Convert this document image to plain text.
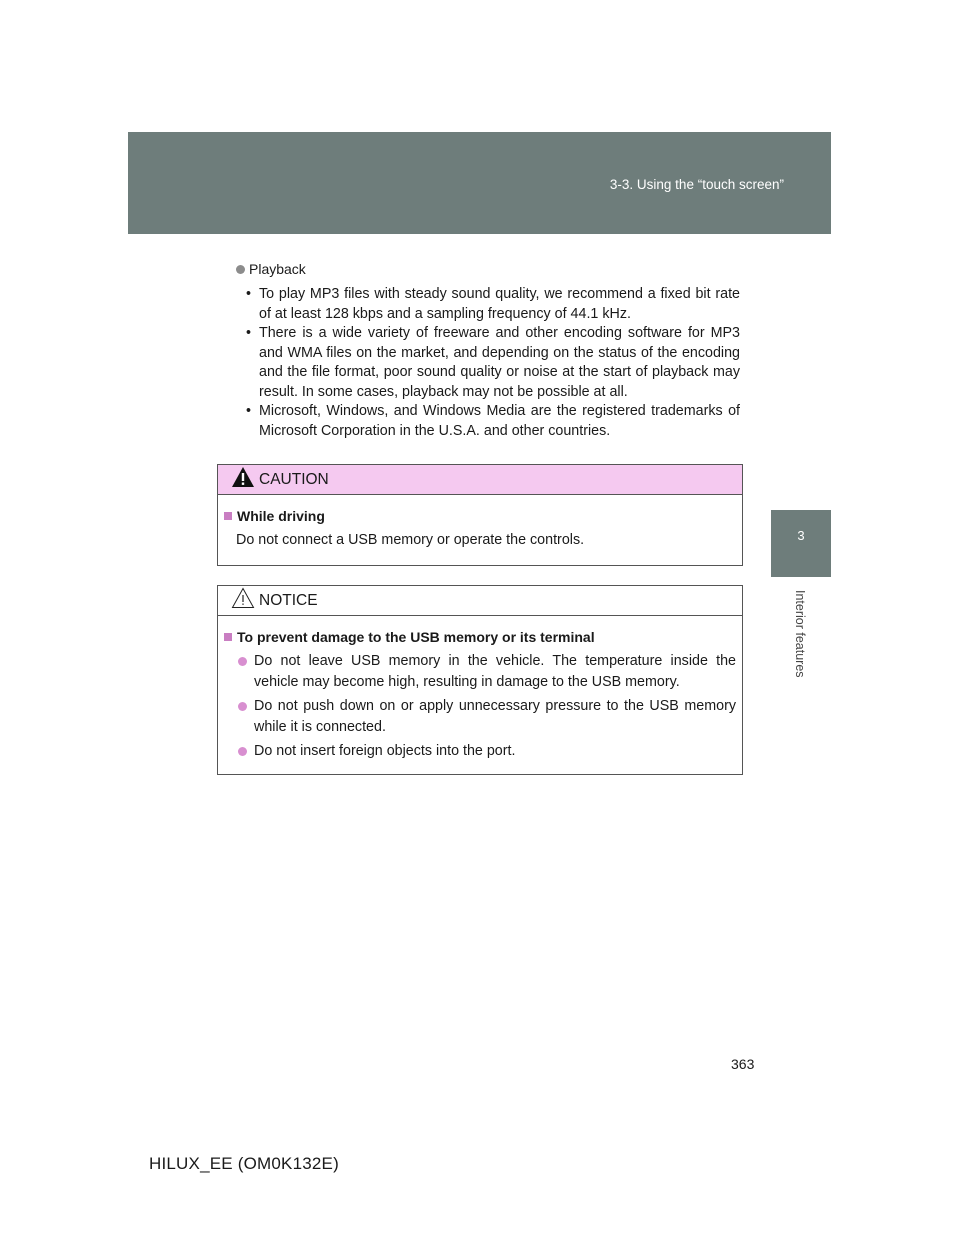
3-3. Using the “touch screen”
3
Interior features
Playback
• To play MP3 files with steady sound quality, we recommend a fixed bit rate of at least 128 kbps and a sampling frequency of 44.1 kHz.
• There is a wide variety of freeware and other encoding software for MP3 and WMA files on the market, and depending on the status of the encoding and the file format, poor sound quality or noise at the start of playback may result. In some cases, playback may not be possible at all.
• Microsoft, Windows, and Windows Media are the registered trademarks of Microsoft Corporation in the U.S.A. and other countries.
CAUTION
While driving
Do not connect a USB memory or operate the controls.
NOTICE
To prevent damage to the USB memory or its terminal
Do not leave USB memory in the vehicle. The temperature inside the vehicle may become high, resulting in damage to the USB memory.
Do not push down on or apply unnecessary pressure to the USB memory while it is connected.
Do not insert foreign objects into the port.
363
HILUX_EE (OM0K132E)
